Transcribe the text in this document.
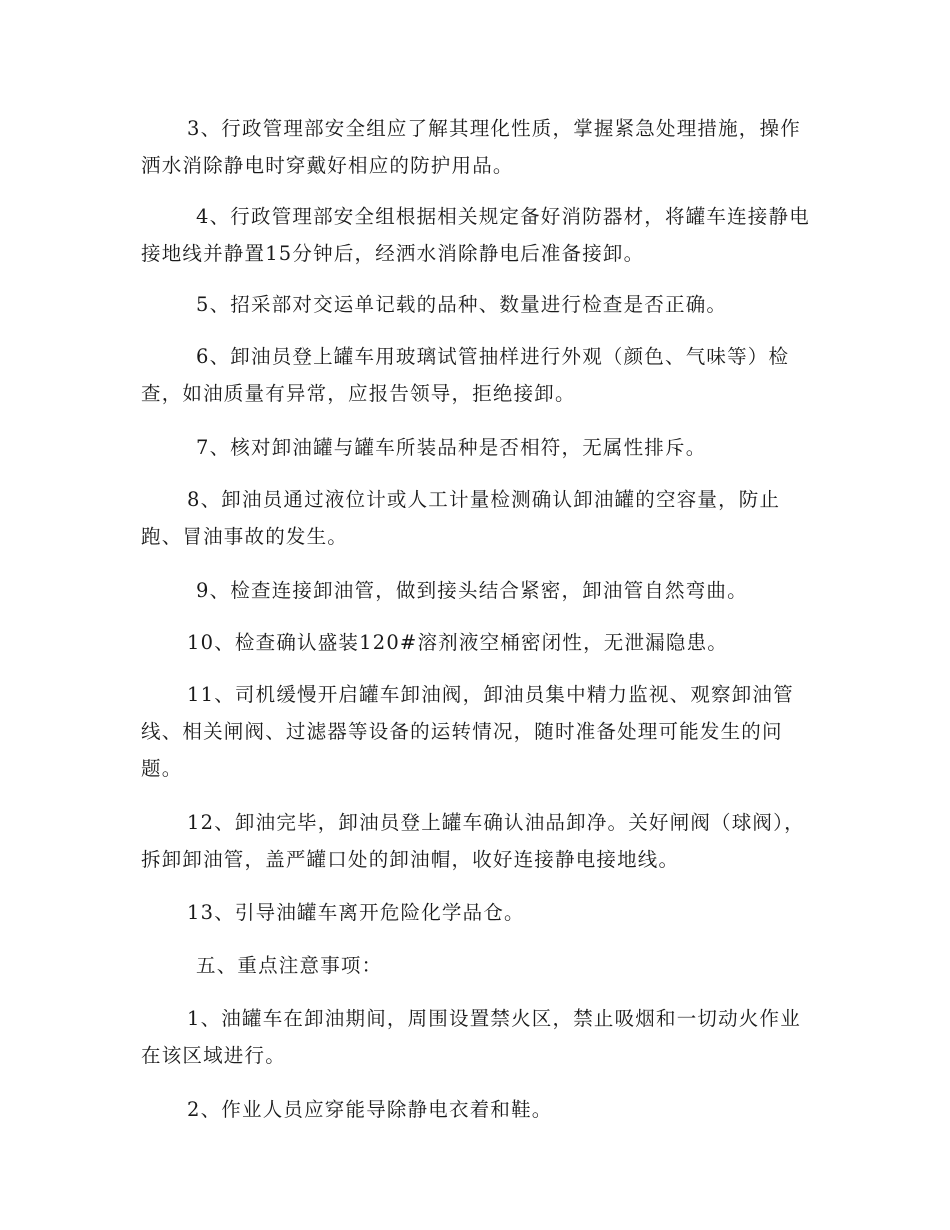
3、行政管理部安全组应了解其理化性质，掌握紧急处理措施，操作洒水消除静电时穿戴好相应的防护用品。

4、行政管理部安全组根据相关规定备好消防器材，将罐车连接静电接地线并静置15分钟后，经洒水消除静电后准备接卸。

5、招采部对交运单记载的品种、数量进行检查是否正确。

6、卸油员登上罐车用玻璃试管抽样进行外观（颜色、气味等）检查，如油质量有异常，应报告领导，拒绝接卸。

7、核对卸油罐与罐车所装品种是否相符，无属性排斥。

8、卸油员通过液位计或人工计量检测确认卸油罐的空容量，防止跑、冒油事故的发生。

9、检查连接卸油管，做到接头结合紧密，卸油管自然弯曲。

10、检查确认盛装120#溶剂液空桶密闭性，无泄漏隐患。

11、司机缓慢开启罐车卸油阀，卸油员集中精力监视、观察卸油管线、相关闸阀、过滤器等设备的运转情况，随时准备处理可能发生的问题。

12、卸油完毕，卸油员登上罐车确认油品卸净。关好闸阀（球阀），拆卸卸油管，盖严罐口处的卸油帽，收好连接静电接地线。

13、引导油罐车离开危险化学品仓。

五、重点注意事项：

1、油罐车在卸油期间，周围设置禁火区，禁止吸烟和一切动火作业在该区域进行。

2、作业人员应穿能导除静电衣着和鞋。
